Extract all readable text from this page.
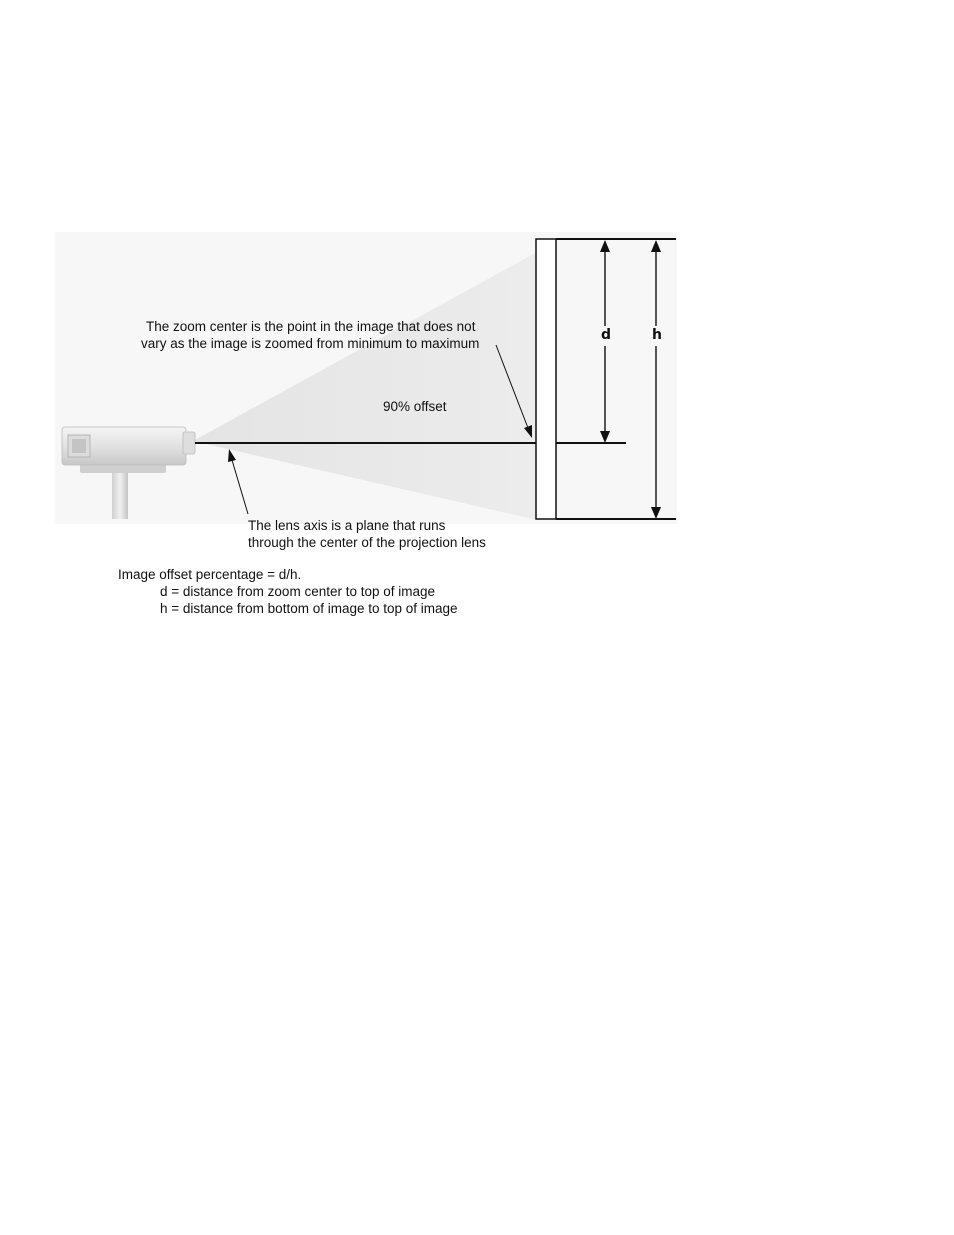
The zoom center is the point in the image that does not
vary as the image is zoomed from minimum to maximum
90% offset
The lens axis is a plane that runs
through the center of the projection lens
d	h
Image offset percentage = d/h.
d = distance from zoom center to top of image
h = distance from bottom of image to top of image
